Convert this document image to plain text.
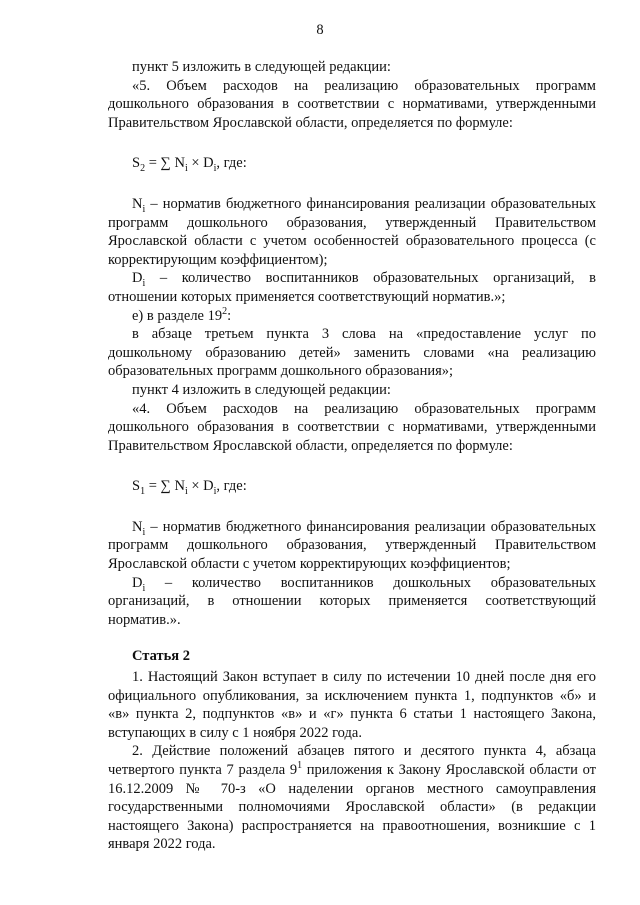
8

пункт 5 изложить в следующей редакции:

«5. Объем расходов на реализацию образовательных программ дошкольного образования в соответствии с нормативами, утвержденными Правительством Ярославской области, определяется по формуле:

$S_2$ = ∑ $N_i \times D_i$, где:

$N_i$ – норматив бюджетного финансирования реализации образовательных программ дошкольного образования, утвержденный Правительством Ярославской области с учетом особенностей образовательного процесса (с корректирующим коэффициентом);

$D_i$ – количество воспитанников образовательных организаций, в отношении которых применяется соответствующий норматив.»;

е) в разделе $19^2$:

в абзаце третьем пункта 3 слова на «предоставление услуг по дошкольному образованию детей» заменить словами «на реализацию образовательных программ дошкольного образования»;

пункт 4 изложить в следующей редакции:

«4. Объем расходов на реализацию образовательных программ дошкольного образования в соответствии с нормативами, утвержденными Правительством Ярославской области, определяется по формуле:

$S_1$ = ∑ $N_i \times D_i$, где:

$N_i$ – норматив бюджетного финансирования реализации образовательных программ дошкольного образования, утвержденный Правительством Ярославской области с учетом корректирующих коэффициентов;

$D_i$ – количество воспитанников дошкольных образовательных организаций, в отношении которых применяется соответствующий норматив.».

Статья 2

1. Настоящий Закон вступает в силу по истечении 10 дней после дня его официального опубликования, за исключением пункта 1, подпунктов «б» и «в» пункта 2, подпунктов «в» и «г» пункта 6 статьи 1 настоящего Закона, вступающих в силу с 1 ноября 2022 года.

2. Действие положений абзацев пятого и десятого пункта 4, абзаца четвертого пункта 7 раздела $9^1$ приложения к Закону Ярославской области от 16.12.2009 № 70-з «О наделении органов местного самоуправления государственными полномочиями Ярославской области» (в редакции настоящего Закона) распространяется на правоотношения, возникшие с 1 января 2022 года.
